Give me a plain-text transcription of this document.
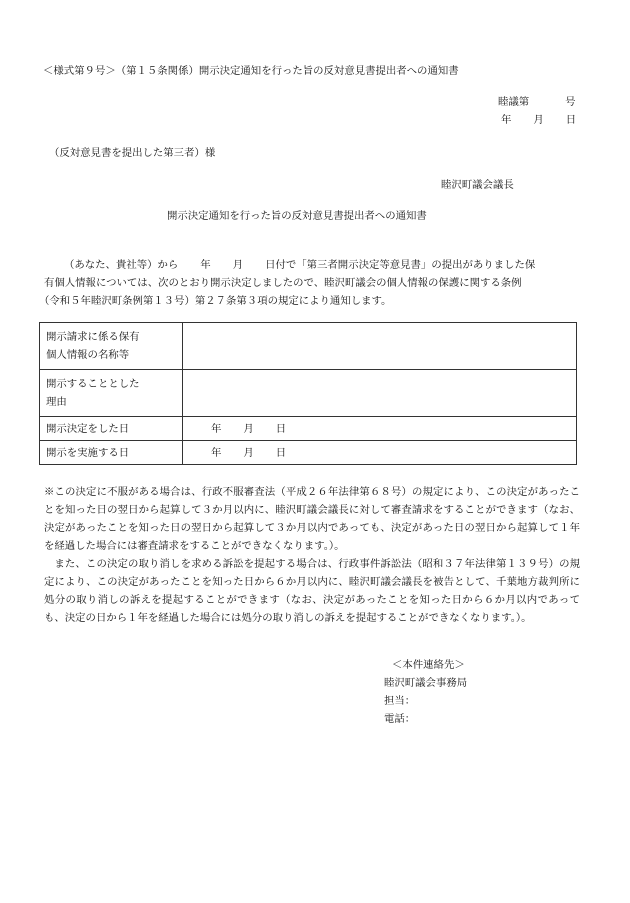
＜様式第９号＞（第１５条関係）開示決定通知を行った旨の反対意見書提出者への通知書
睦議第	号
年 月 日
（反対意見書を提出した第三者）様
睦沢町議会議長
開示決定通知を行った旨の反対意見書提出者への通知書
（あなた、貴社等）から 年 月 日付で「第三者開示決定等意見書」の提出がありました保
有個人情報については、次のとおり開示決定しましたので、睦沢町議会の個人情報の保護に関する条例
（令和５年睦沢町条例第１３号）第２７条第３項の規定により通知します。
開示請求に係る保有
個人情報の名称等	

開示することとした
理由	

開示決定をした日	年 月 日
開示を実施する日	年 月 日

※この決定に不服がある場合は、行政不服審査法（平成２６年法律第６８号）の規定により、この決定があったことを知った日の翌日から起算して３か月以内に、睦沢町議会議長に対して審査請求をすることができます（なお、決定があったことを知った日の翌日から起算して３か月以内であっても、決定があった日の翌日から起算して１年を経過した場合には審査請求をすることができなくなります。）。

また、この決定の取り消しを求める訴訟を提起する場合は、行政事件訴訟法（昭和３７年法律第１３９号）の規定により、この決定があったことを知った日から６か月以内に、睦沢町議会議長を被告として、千葉地方裁判所に処分の取り消しの訴えを提起することができます（なお、決定があったことを知った日から６か月以内であっても、決定の日から１年を経過した場合には処分の取り消しの訴えを提起することができなくなります。）。

＜本件連絡先＞
睦沢町議会事務局
担当：
電話：
